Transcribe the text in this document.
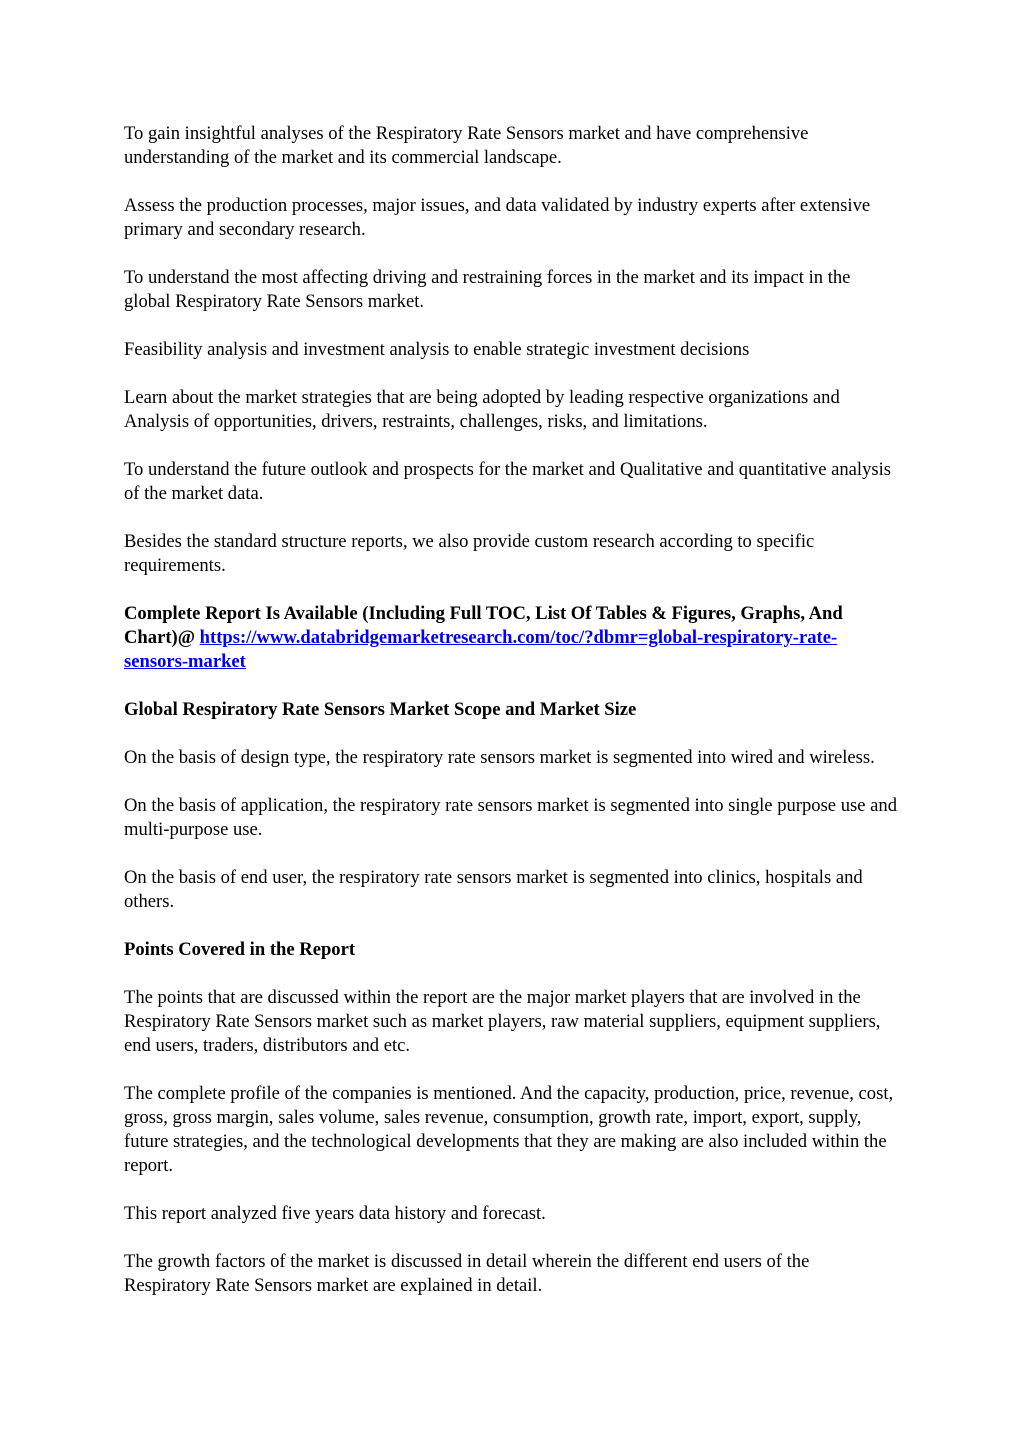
To gain insightful analyses of the Respiratory Rate Sensors market and have comprehensive understanding of the market and its commercial landscape.

Assess the production processes, major issues, and data validated by industry experts after extensive primary and secondary research.

To understand the most affecting driving and restraining forces in the market and its impact in the global Respiratory Rate Sensors market.

Feasibility analysis and investment analysis to enable strategic investment decisions

Learn about the market strategies that are being adopted by leading respective organizations and Analysis of opportunities, drivers, restraints, challenges, risks, and limitations.

To understand the future outlook and prospects for the market and Qualitative and quantitative analysis of the market data.

Besides the standard structure reports, we also provide custom research according to specific requirements.

Complete Report Is Available (Including Full TOC, List Of Tables & Figures, Graphs, And Chart)@ https://www.databridgemarketresearch.com/toc/?dbmr=global-respiratory-rate-sensors-market

Global Respiratory Rate Sensors Market Scope and Market Size

On the basis of design type, the respiratory rate sensors market is segmented into wired and wireless.

On the basis of application, the respiratory rate sensors market is segmented into single purpose use and multi-purpose use.

On the basis of end user, the respiratory rate sensors market is segmented into clinics, hospitals and others.

Points Covered in the Report

The points that are discussed within the report are the major market players that are involved in the Respiratory Rate Sensors market such as market players, raw material suppliers, equipment suppliers, end users, traders, distributors and etc.

The complete profile of the companies is mentioned. And the capacity, production, price, revenue, cost, gross, gross margin, sales volume, sales revenue, consumption, growth rate, import, export, supply, future strategies, and the technological developments that they are making are also included within the report.

This report analyzed five years data history and forecast.

The growth factors of the market is discussed in detail wherein the different end users of the Respiratory Rate Sensors market are explained in detail.
